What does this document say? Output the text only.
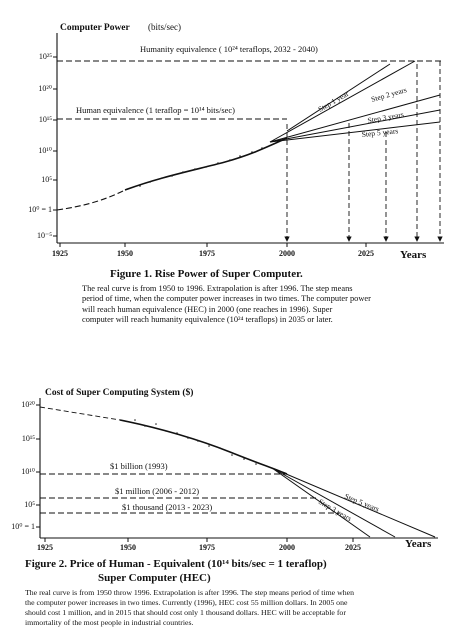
Computer Power (bits/sec)
10²⁵
10²⁰
10¹⁵
10¹⁰
10⁵
10⁰ = 1
10⁻⁵
1925	1950	1975	2000	2025 Years
Humanity equivalence ( 10²⁴ teraflops, 2032 - 2040)
Human equivalence (1 teraflop = 10¹⁴ bits/sec)	Step 1 year	Step 2 years
Step 3 years
Step 5 years
Cost of Super Computing System ($)
10²⁰
10¹⁵
10¹⁰
10⁵
10⁰ = 1
1925	1950	1975	2000	2025	Years
$1 billion (1993)
$1 million (2006 - 2012)
$1 thousand (2013 - 2023)	Step 5 years
Step 3 years
Figure 1. Rise Power of Super Computer.
The real curve is from 1950 to 1996. Extrapolation is after 1996. The step means
period of time, when the computer power increases in two times. The computer power
will reach human equivalence (HEC) in 2000 (one reaches in 1996). Super
computer will reach humanity equivalence (10²⁴ teraflops) in 2035 or later.
Figure 2. Price of Human - Equivalent (10¹⁴ bits/sec = 1 teraflop)
Super Computer (HEC)
The real curve is from 1950 throw 1996. Extrapolation is after 1996. The step means period of time when
the computer power increases in two times. Currently (1996), HEC cost 55 million dollars. In 2005 one
should cost 1 million, and in 2015 that should cost only 1 thousand dollars. HEC will be acceptable for
immortality of the most people in industrial countries.
